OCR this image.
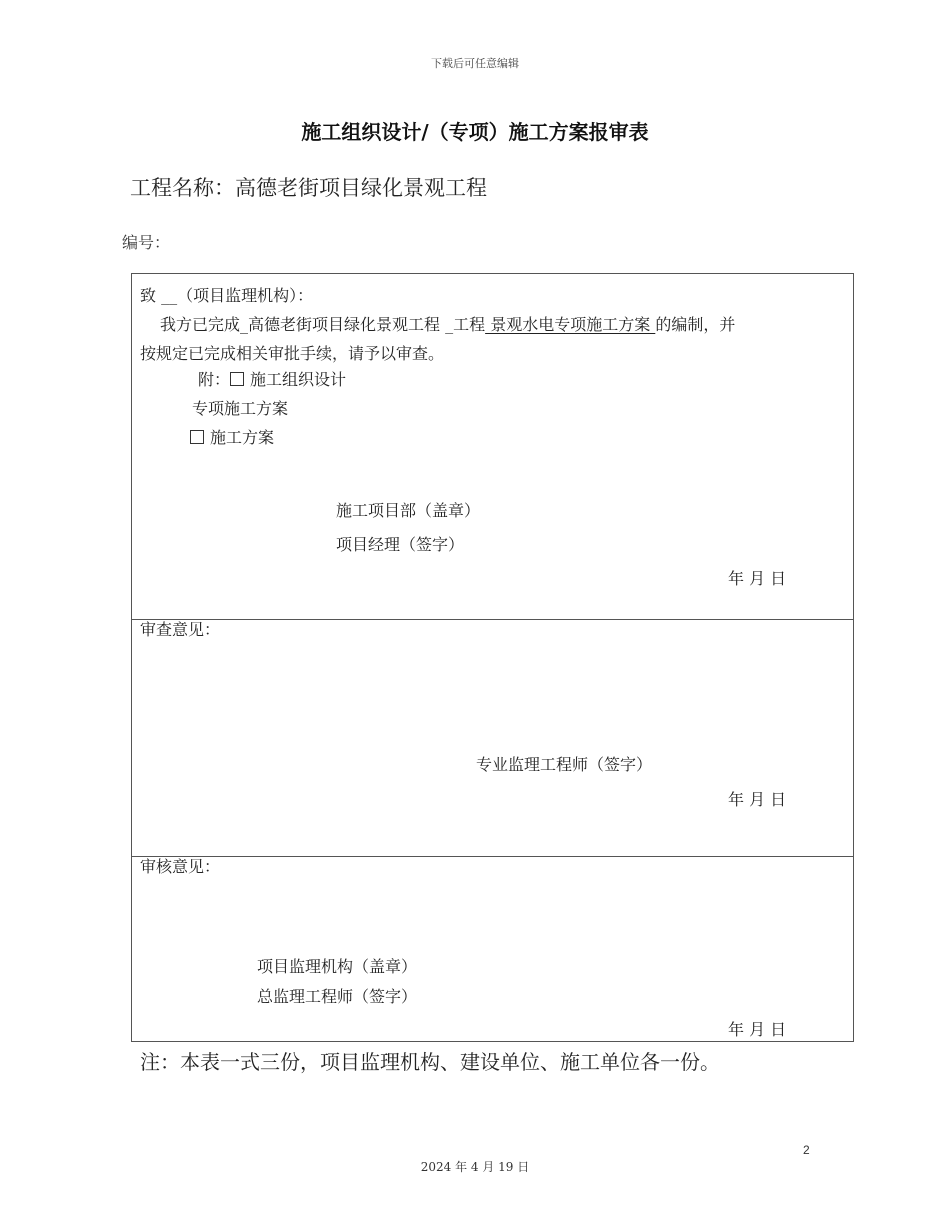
下载后可任意编辑
施工组织设计/（专项）施工方案报审表
工程名称：高德老街项目绿化景观工程
编号：
致 __（项目监理机构）：
我方已完成_高德老街项目绿化景观工程 _工程 景观水电专项施工方案 的编制，并
按规定已完成相关审批手续，请予以审查。
附： 施工组织设计
专项施工方案
施工方案
施工项目部（盖章）
项目经理（签字）
年 月 日
审查意见：
专业监理工程师（签字）
年 月 日
审核意见：
项目监理机构（盖章）
总监理工程师（签字）
年 月 日
注：本表一式三份，项目监理机构、建设单位、施工单位各一份。
2
2024 年 4 月 19 日
